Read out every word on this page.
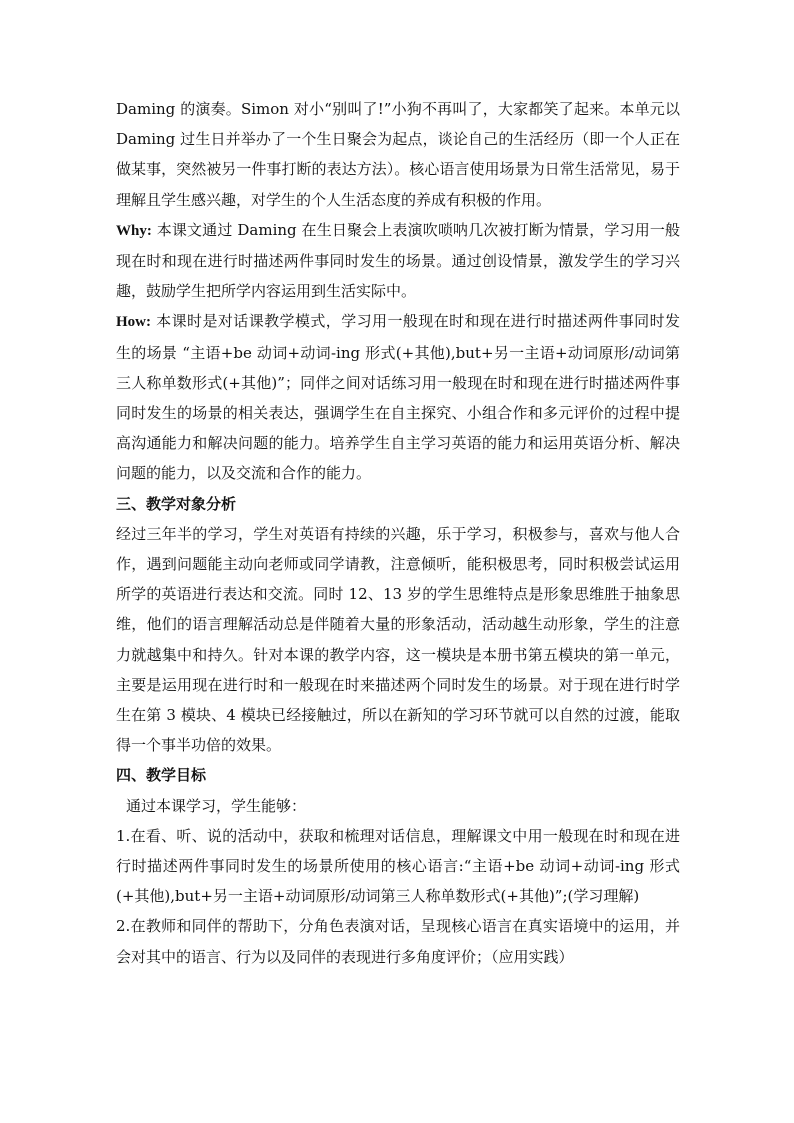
Daming 的演奏。Simon 对小“别叫了!”小狗不再叫了，大家都笑了起来。本单元以 Daming 过生日并举办了一个生日聚会为起点，谈论自己的生活经历（即一个人正在做某事，突然被另一件事打断的表达方法）。核心语言使用场景为日常生活常见，易于理解且学生感兴趣，对学生的个人生活态度的养成有积极的作用。

Why: 本课文通过 Daming 在生日聚会上表演吹唢呐几次被打断为情景，学习用一般现在时和现在进行时描述两件事同时发生的场景。通过创设情景，激发学生的学习兴趣，鼓励学生把所学内容运用到生活实际中。

How: 本课时是对话课教学模式，学习用一般现在时和现在进行时描述两件事同时发生的场景 “主语+be 动词+动词-ing 形式(+其他),but+另一主语+动词原形/动词第三人称单数形式(+其他)”；同伴之间对话练习用一般现在时和现在进行时描述两件事同时发生的场景的相关表达，强调学生在自主探究、小组合作和多元评价的过程中提高沟通能力和解决问题的能力。培养学生自主学习英语的能力和运用英语分析、解决问题的能力，以及交流和合作的能力。

三、教学对象分析

经过三年半的学习，学生对英语有持续的兴趣，乐于学习，积极参与，喜欢与他人合作，遇到问题能主动向老师或同学请教，注意倾听，能积极思考，同时积极尝试运用所学的英语进行表达和交流。同时 12、13 岁的学生思维特点是形象思维胜于抽象思维，他们的语言理解活动总是伴随着大量的形象活动，活动越生动形象，学生的注意力就越集中和持久。针对本课的教学内容，这一模块是本册书第五模块的第一单元，主要是运用现在进行时和一般现在时来描述两个同时发生的场景。对于现在进行时学生在第 3 模块、4 模块已经接触过，所以在新知的学习环节就可以自然的过渡，能取得一个事半功倍的效果。

四、教学目标

通过本课学习，学生能够：

1.在看、听、说的活动中，获取和梳理对话信息，理解课文中用一般现在时和现在进行时描述两件事同时发生的场景所使用的核心语言:“主语+be 动词+动词-ing 形式(+其他),but+另一主语+动词原形/动词第三人称单数形式(+其他)”;(学习理解)

2.在教师和同伴的帮助下，分角色表演对话，呈现核心语言在真实语境中的运用，并会对其中的语言、行为以及同伴的表现进行多角度评价；（应用实践）
